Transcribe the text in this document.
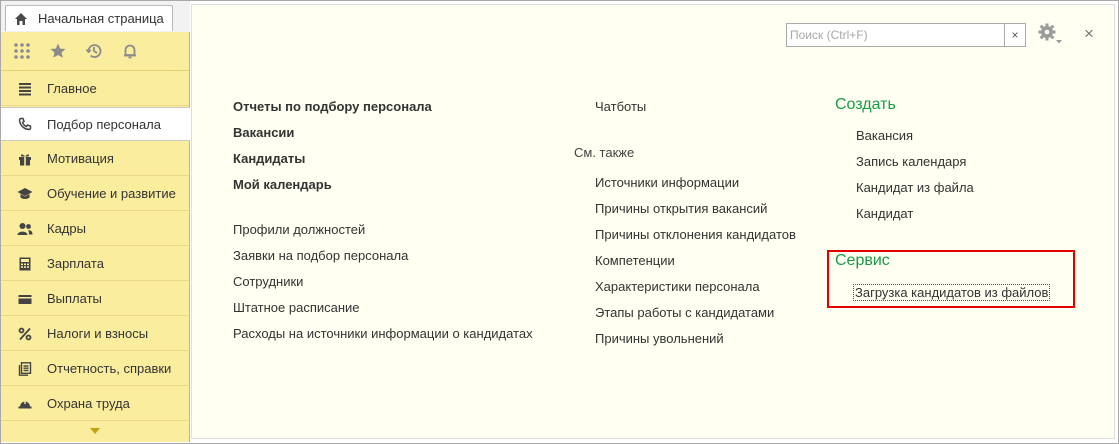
Начальная страница
Главное
Подбор персонала
Мотивация
Обучение и развитие
Кадры
Зарплата
Выплаты
Налоги и взносы
Отчетность, справки
Охрана труда
Поиск (Ctrl+F)	×	×
Отчеты по подбору персонала
Вакансии
Кандидаты
Мой календарь
Профили должностей
Заявки на подбор персонала
Сотрудники
Штатное расписание
Расходы на источники информации о кандидатах
Чатботы
См. также
Источники информации
Причины открытия вакансий
Причины отклонения кандидатов
Компетенции
Характеристики персонала
Этапы работы с кандидатами
Причины увольнений
Создать
Вакансия
Запись календаря
Кандидат из файла
Кандидат
Сервис
Загрузка кандидатов из файлов
